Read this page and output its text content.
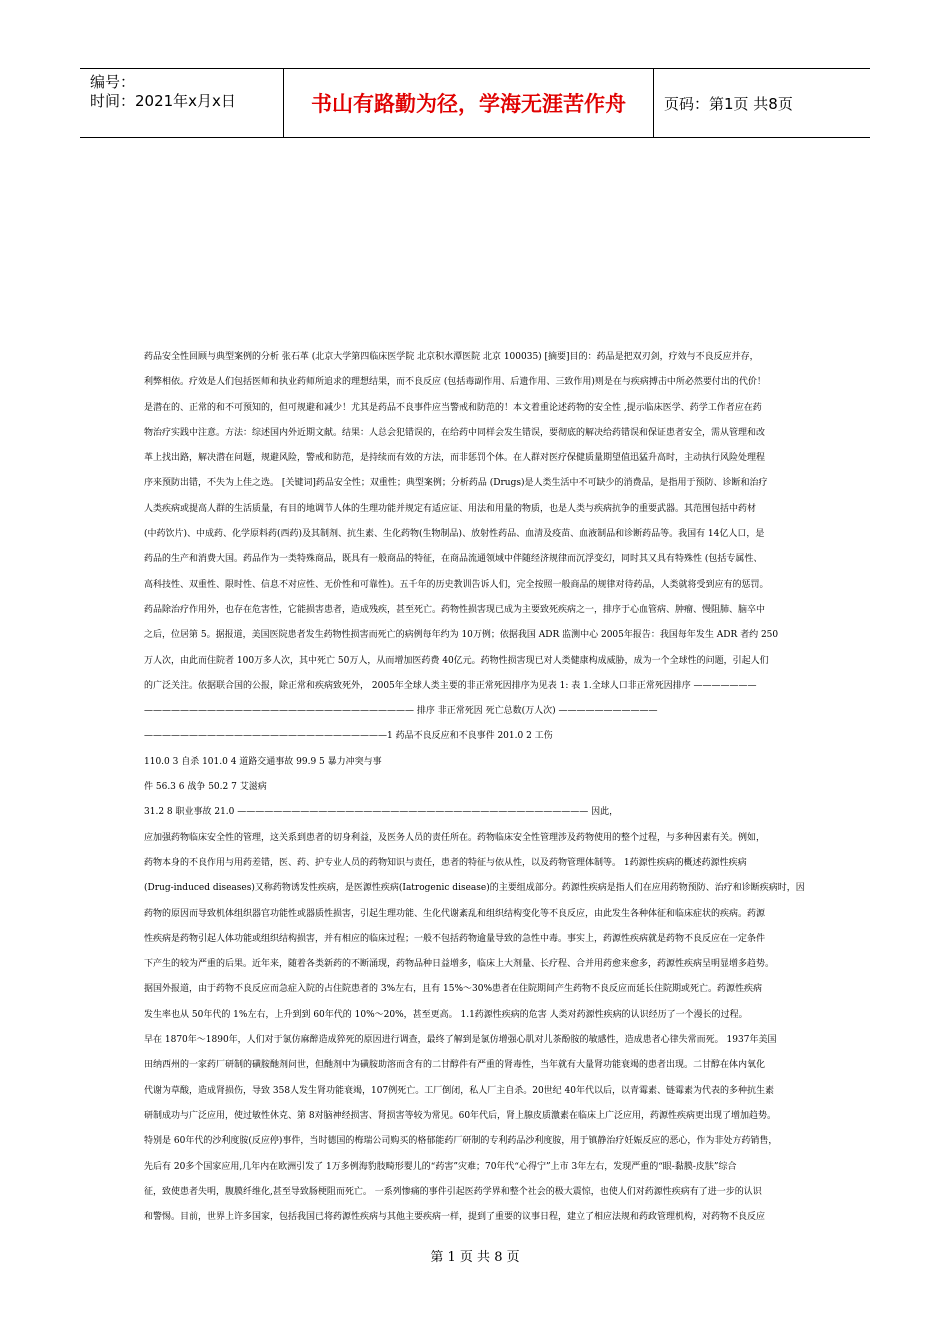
编号：
时间：2021年x月x日	书山有路勤为径，学海无涯苦作舟	页码：第1页 共8页
药品安全性回顾与典型案例的分析 张石革 (北京大学第四临床医学院 北京积水潭医院 北京 100035) [摘要]目的：药品是把双刃剑，疗效与不良反应并存，
利弊相依。疗效是人们包括医师和执业药师所追求的理想结果，而不良反应 (包括毒副作用、后遗作用、三致作用)则是在与疾病搏击中所必然要付出的代价！
是潜在的、正常的和不可预知的，但可规避和减少！尤其是药品不良事件应当警戒和防范的！本文着重论述药物的安全性 ,提示临床医学、药学工作者应在药
物治疗实践中注意。方法：综述国内外近期文献。结果：人总会犯错误的，在给药中同样会发生错误，要彻底的解决给药错误和保证患者安全，需从管理和改
革上找出路，解决潜在问题，规避风险，警戒和防范，是持续而有效的方法，而非惩罚个体。在人群对医疗保健质量期望值迅猛升高时，主动执行风险处理程
序来预防出错，不失为上佳之选。 [关键词]药品安全性；双重性；典型案例；分析药品 (Drugs)是人类生活中不可缺少的消费品，是指用于预防、诊断和治疗
人类疾病或提高人群的生活质量，有目的地调节人体的生理功能并规定有适应证、用法和用量的物质，也是人类与疾病抗争的重要武器。其范围包括中药材
(中药饮片)、中成药、化学原料药(西药)及其制剂、抗生素、生化药物(生物制品)、放射性药品、血清及疫苗、血液制品和诊断药品等。我国有 14亿人口，是
药品的生产和消费大国。药品作为一类特殊商品，既具有一般商品的特征，在商品流通领域中伴随经济规律而沉浮变幻，同时其又具有特殊性 (包括专属性、
高科技性、双重性、限时性、信息不对应性、无价性和可靠性)。五千年的历史教训告诉人们，完全按照一般商品的规律对待药品，人类就将受到应有的惩罚。
药品除治疗作用外，也存在危害性，它能损害患者，造成残疾，甚至死亡。药物性损害现已成为主要致死疾病之一，排序于心血管病、肿瘤、慢阻肺、脑卒中
之后，位居第 5。据报道，美国医院患者发生药物性损害而死亡的病例每年约为 10万例；依据我国 ADR 监测中心 2005年报告：我国每年发生 ADR 者约 250
万人次，由此而住院者 100万多人次，其中死亡 50万人，从而增加医药费 40亿元。药物性损害现已对人类健康构成威胁，成为一个全球性的问题，引起人们
的广泛关注。依据联合国的公报，除正常和疾病致死外， 2005年全球人类主要的非正常死因排序为见表 1: 表 1.全球人口非正常死因排序 ———————
—————————————————————————————— 排序 非正常死因 死亡总数(万人次) ———————————
———————————————————————————1 药品不良反应和不良事件 201.0 2 工伤
110.0 3 自杀 101.0 4 道路交通事故 99.9 5 暴力冲突与事
件 56.3 6 战争 50.2 7 艾滋病
31.2 8 职业事故 21.0 ——————————————————————————————————————— 因此，
应加强药物临床安全性的管理，这关系到患者的切身利益，及医务人员的责任所在。药物临床安全性管理涉及药物使用的整个过程，与多种因素有关。例如，
药物本身的不良作用与用药差错，医、药、护专业人员的药物知识与责任，患者的特征与依从性，以及药物管理体制等。 1药源性疾病的概述药源性疾病
(Drug-induced diseases)又称药物诱发性疾病，是医源性疾病(Iatrogenic disease)的主要组成部分。药源性疾病是指人们在应用药物预防、治疗和诊断疾病时，因
药物的原因而导致机体组织器官功能性或器质性损害，引起生理功能、生化代谢紊乱和组织结构变化等不良反应，由此发生各种体征和临床症状的疾病。药源
性疾病是药物引起人体功能或组织结构损害，并有相应的临床过程；一般不包括药物逾量导致的急性中毒。事实上，药源性疾病就是药物不良反应在一定条件
下产生的较为严重的后果。近年来，随着各类新药的不断涌现，药物品种日益增多，临床上大剂量、长疗程、合并用药愈来愈多，药源性疾病呈明显增多趋势。
据国外报道，由于药物不良反应而急症入院的占住院患者的 3%左右，且有 15%～30%患者在住院期间产生药物不良反应而延长住院期或死亡。药源性疾病
发生率也从 50年代的 1%左右，上升到到 60年代的 10%～20%，甚至更高。 1.1药源性疾病的危害 人类对药源性疾病的认识经历了一个漫长的过程。
早在 1870年～1890年，人们对于氯仿麻醉造成猝死的原因进行调查，最终了解到是氯仿增强心肌对儿茶酚胺的敏感性，造成患者心律失常而死。 1937年美国
田纳西州的一家药厂研制的磺胺酏剂问世，但酏剂中为磺胺助溶而含有的二甘醇件有严重的肾毒性，当年就有大量肾功能衰竭的患者出现。二甘醇在体内氧化
代谢为草酸，造成肾损伤，导致 358人发生肾功能衰竭，107例死亡。工厂倒闭，私人厂主自杀。20世纪 40年代以后，以青霉素、链霉素为代表的多种抗生素
研制成功与广泛应用，使过敏性休克、第 8对脑神经损害、肾损害等较为常见。60年代后，肾上腺皮质激素在临床上广泛应用，药源性疾病更出现了增加趋势。
特别是 60年代的沙利度胺(反应停)事件，当时德国的梅瑞公司购买的格郁能药厂研制的专利药品沙利度胺，用于镇静治疗妊娠反应的恶心，作为非处方药销售，
先后有 20多个国家应用,几年内在欧洲引发了 1万多例海豹肢畸形婴儿的“药害”灾难；70年代“心得宁”上市 3年左右，发现严重的“眼-黏膜-皮肤”综合
征，致使患者失明，腹膜纤维化,甚至导致肠梗阻而死亡。 一系列惨痛的事件引起医药学界和整个社会的极大震惊，也使人们对药源性疾病有了进一步的认识
和警惕。目前，世界上许多国家，包括我国已将药源性疾病与其他主要疾病一样，提到了重要的议事日程，建立了相应法规和药政管理机构，对药物不良反应
第 1 页 共 8 页
